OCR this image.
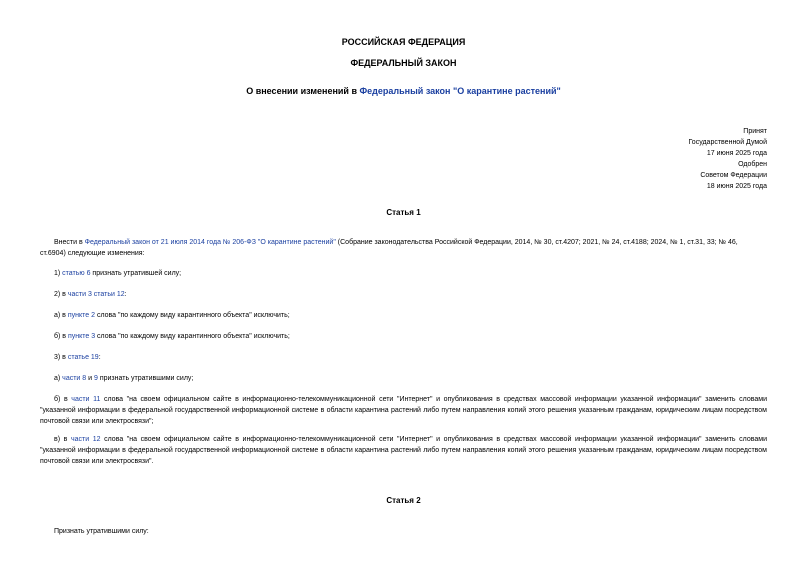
РОССИЙСКАЯ ФЕДЕРАЦИЯ
ФЕДЕРАЛЬНЫЙ ЗАКОН
О внесении изменений в Федеральный закон "О карантине растений"
Принят
Государственной Думой
17 июня 2025 года
Одобрен
Советом Федерации
18 июня 2025 года
Статья 1
Внести в Федеральный закон от 21 июля 2014 года № 206-ФЗ "О карантине растений" (Собрание законодательства Российской Федерации, 2014, № 30, ст.4207; 2021, № 24, ст.4188; 2024, № 1, ст.31, 33; № 46,
ст.6904) следующие изменения:
1) статью 6 признать утратившей силу;
2) в части 3 статьи 12:
а) в пункте 2 слова "по каждому виду карантинного объекта" исключить;
б) в пункте 3 слова "по каждому виду карантинного объекта" исключить;
3) в статье 19:
а) части 8 и 9 признать утратившими силу;
б) в части 11 слова "на своем официальном сайте в информационно-телекоммуникационной сети "Интернет" и опубликования в средствах массовой информации указанной информации" заменить словами "указанной информации в федеральной государственной информационной системе в области карантина растений либо путем направления копий этого решения указанным гражданам, юридическим лицам посредством почтовой связи или электросвязи";
в) в части 12 слова "на своем официальном сайте в информационно-телекоммуникационной сети "Интернет" и опубликования в средствах массовой информации указанной информации" заменить словами "указанной информации в федеральной государственной информационной системе в области карантина растений либо путем направления копий этого решения указанным гражданам, юридическим лицам посредством почтовой связи или электросвязи".
Статья 2
Признать утратившими силу:
